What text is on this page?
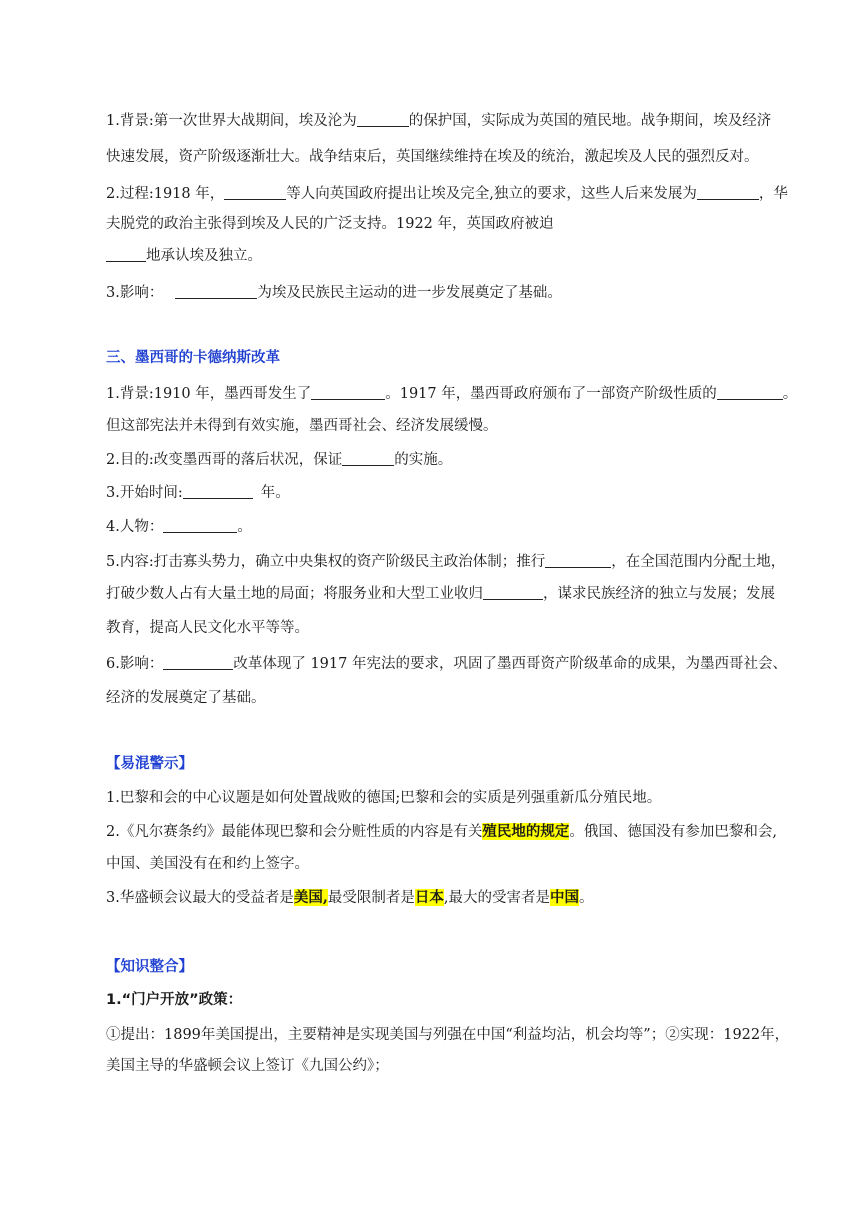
1.背景:第一次世界大战期间，埃及沦为	的保护国，实际成为英国的殖民地。战争期间，埃及经济
快速发展，资产阶级逐渐壮大。战争结束后，英国继续维持在埃及的统治，激起埃及人民的强烈反对。
2.过程:1918 年，	等人向英国政府提出让埃及完全,独立的要求，这些人后来发展为	，华
夫脱党的政治主张得到埃及人民的广泛支持。1922 年，英国政府被迫
地承认埃及独立。
3.影响：	为埃及民族民主运动的进一步发展奠定了基础。
三、墨西哥的卡德纳斯改革
1.背景:1910 年，墨西哥发生了	。1917 年，墨西哥政府颁布了一部资产阶级性质的	。
但这部宪法并未得到有效实施，墨西哥社会、经济发展缓慢。
2.目的:改变墨西哥的落后状况，保证	的实施。
3.开始时间:	年。
4.人物：	。
5.内容:打击寡头势力，确立中央集权的资产阶级民主政治体制；推行	，在全国范围内分配土地，
打破少数人占有大量土地的局面；将服务业和大型工业收归	，谋求民族经济的独立与发展；发展
教育，提高人民文化水平等等。
6.影响：	改革体现了 1917 年宪法的要求，巩固了墨西哥资产阶级革命的成果，为墨西哥社会、
经济的发展奠定了基础。
【易混警示】
1.巴黎和会的中心议题是如何处置战败的德国;巴黎和会的实质是列强重新瓜分殖民地。
2.《凡尔赛条约》最能体现巴黎和会分赃性质的内容是有关殖民地的规定。俄国、德国没有参加巴黎和会,
中国、美国没有在和约上签字。
3.华盛顿会议最大的受益者是美国,最受限制者是日本,最大的受害者是中国。
【知识整合】
1.“门户开放”政策：
①提出：1899年美国提出，主要精神是实现美国与列强在中国“利益均沾，机会均等”；②实现：1922年，
美国主导的华盛顿会议上签订《九国公约》；
